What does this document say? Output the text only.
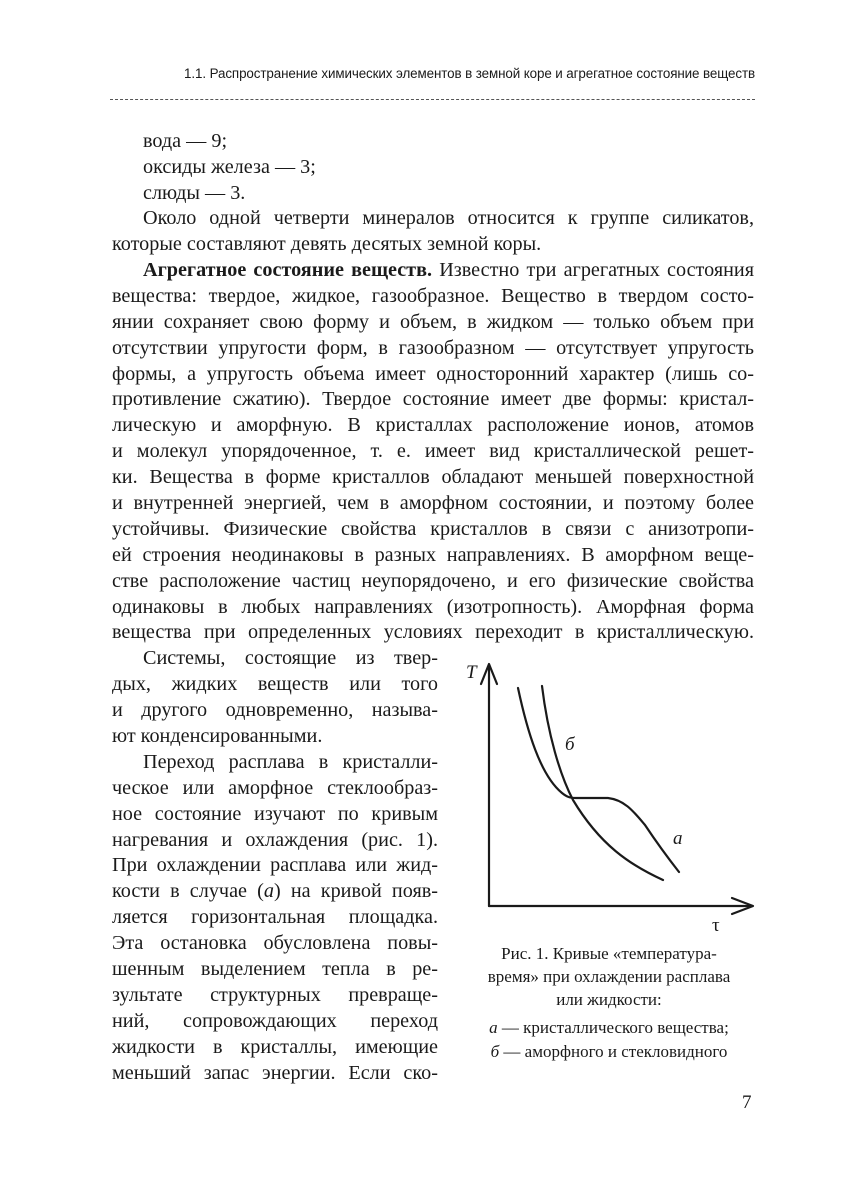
1.1. Распространение химических элементов в земной коре и агрегатное состояние веществ
вода — 9;
оксиды железа — 3;
слюды — 3.
Около одной четверти минералов относится к группе силикатов,
которые составляют девять десятых земной коры.
Агрегатное состояние веществ. Известно три агрегатных состояния
вещества: твердое, жидкое, газообразное. Вещество в твердом состо-
янии сохраняет свою форму и объем, в жидком — только объем при
отсутствии упругости форм, в газообразном — отсутствует упругость
формы, а упругость объема имеет односторонний характер (лишь со-
противление сжатию). Твердое состояние имеет две формы: кристал-
лическую и аморфную. В кристаллах расположение ионов, атомов
и молекул упорядоченное, т. е. имеет вид кристаллической решет-
ки. Вещества в форме кристаллов обладают меньшей поверхностной
и внутренней энергией, чем в аморфном состоянии, и поэтому более
устойчивы. Физические свойства кристаллов в связи с анизотропи-
ей строения неодинаковы в разных направлениях. В аморфном веще-
стве расположение частиц неупорядочено, и его физические свойства
одинаковы в любых направлениях (изотропность). Аморфная форма
вещества при определенных условиях переходит в кристаллическую.
Системы, состоящие из твер-
дых, жидких веществ или того
и другого одновременно, называ-
ют конденсированными.
Переход расплава в кристалли-
ческое или аморфное стеклообраз-
ное состояние изучают по кривым
нагревания и охлаждения (рис. 1).
При охлаждении расплава или жид-
кости в случае (а) на кривой появ-
ляется горизонтальная площадка.
Эта остановка обусловлена повы-
шенным выделением тепла в ре-
зультате структурных превраще-
ний, сопровождающих переход
жидкости в кристаллы, имеющие
меньший запас энергии. Если ско-
T
τ
б
а
Рис. 1. Кривые «температура-
время» при охлаждении расплава
или жидкости:
а — кристаллического вещества;
б — аморфного и стекловидного
7
